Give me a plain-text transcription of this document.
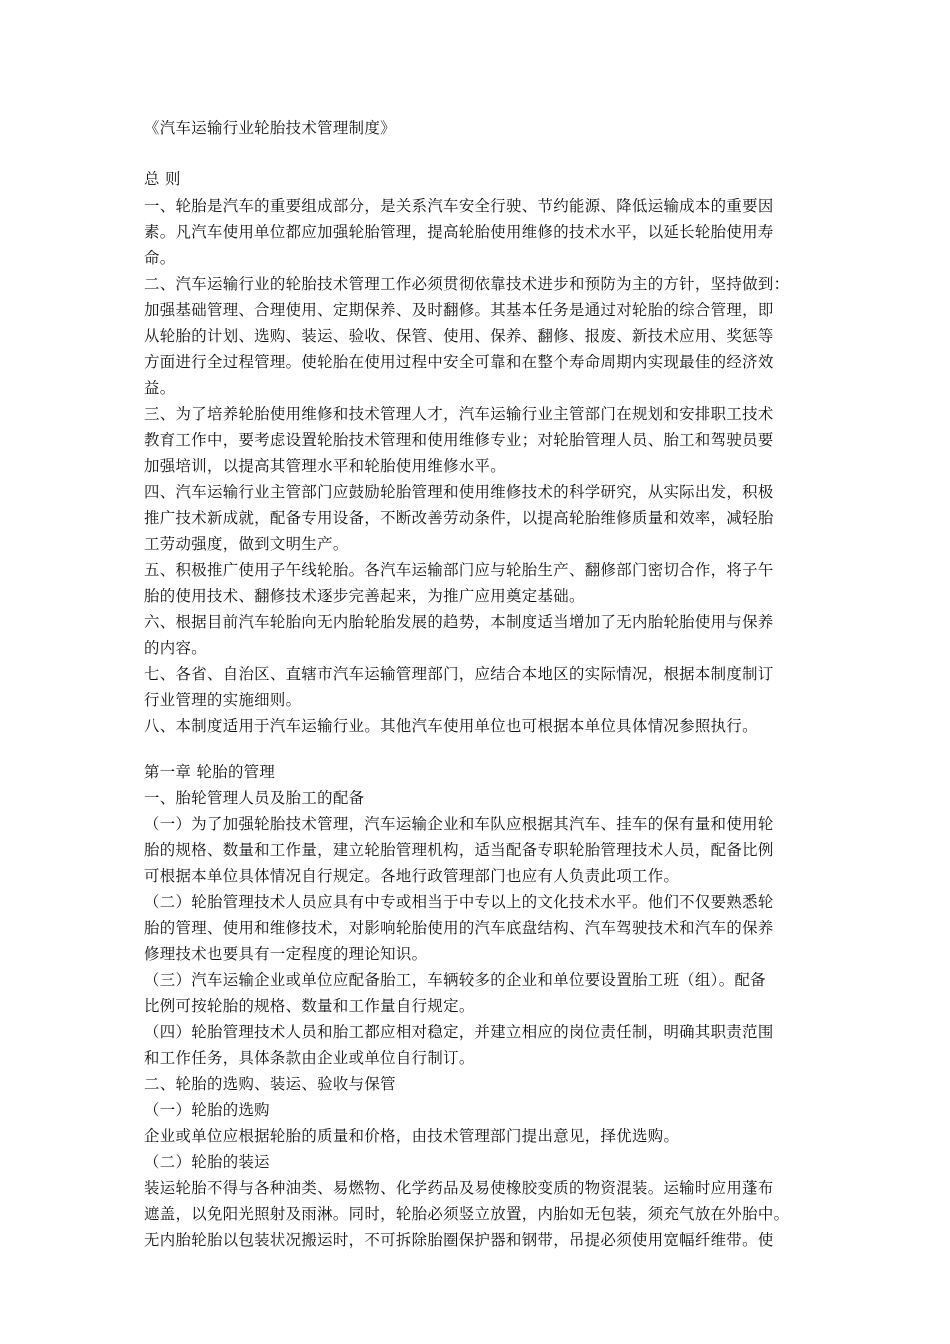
《汽车运输行业轮胎技术管理制度》
总 则
一、轮胎是汽车的重要组成部分，是关系汽车安全行驶、节约能源、降低运输成本的重要因
素。凡汽车使用单位都应加强轮胎管理，提高轮胎使用维修的技术水平，以延长轮胎使用寿
命。
二、汽车运输行业的轮胎技术管理工作必须贯彻依靠技术进步和预防为主的方针，坚持做到：
加强基础管理、合理使用、定期保养、及时翻修。其基本任务是通过对轮胎的综合管理，即
从轮胎的计划、选购、装运、验收、保管、使用、保养、翻修、报废、新技术应用、奖惩等
方面进行全过程管理。使轮胎在使用过程中安全可靠和在整个寿命周期内实现最佳的经济效
益。
三、为了培养轮胎使用维修和技术管理人才，汽车运输行业主管部门在规划和安排职工技术
教育工作中，要考虑设置轮胎技术管理和使用维修专业；对轮胎管理人员、胎工和驾驶员要
加强培训，以提高其管理水平和轮胎使用维修水平。
四、汽车运输行业主管部门应鼓励轮胎管理和使用维修技术的科学研究，从实际出发，积极
推广技术新成就，配备专用设备，不断改善劳动条件，以提高轮胎维修质量和效率，减轻胎
工劳动强度，做到文明生产。
五、积极推广使用子午线轮胎。各汽车运输部门应与轮胎生产、翻修部门密切合作，将子午
胎的使用技术、翻修技术逐步完善起来，为推广应用奠定基础。
六、根据目前汽车轮胎向无内胎轮胎发展的趋势，本制度适当增加了无内胎轮胎使用与保养
的内容。
七、各省、自治区、直辖市汽车运输管理部门，应结合本地区的实际情况，根据本制度制订
行业管理的实施细则。
八、本制度适用于汽车运输行业。其他汽车使用单位也可根据本单位具体情况参照执行。
第一章 轮胎的管理
一、胎轮管理人员及胎工的配备
（一）为了加强轮胎技术管理，汽车运输企业和车队应根据其汽车、挂车的保有量和使用轮
胎的规格、数量和工作量，建立轮胎管理机构，适当配备专职轮胎管理技术人员，配备比例
可根据本单位具体情况自行规定。各地行政管理部门也应有人负责此项工作。
（二）轮胎管理技术人员应具有中专或相当于中专以上的文化技术水平。他们不仅要熟悉轮
胎的管理、使用和维修技术，对影响轮胎使用的汽车底盘结构、汽车驾驶技术和汽车的保养
修理技术也要具有一定程度的理论知识。
（三）汽车运输企业或单位应配备胎工，车辆较多的企业和单位要设置胎工班（组）。配备
比例可按轮胎的规格、数量和工作量自行规定。
（四）轮胎管理技术人员和胎工都应相对稳定，并建立相应的岗位责任制，明确其职责范围
和工作任务，具体条款由企业或单位自行制订。
二、轮胎的选购、装运、验收与保管
（一）轮胎的选购
企业或单位应根据轮胎的质量和价格，由技术管理部门提出意见，择优选购。
（二）轮胎的装运
装运轮胎不得与各种油类、易燃物、化学药品及易使橡胶变质的物资混装。运输时应用蓬布
遮盖，以免阳光照射及雨淋。同时，轮胎必须竖立放置，内胎如无包装，须充气放在外胎中。
无内胎轮胎以包装状况搬运时，不可拆除胎圈保护器和钢带，吊提必须使用宽幅纤维带。使
